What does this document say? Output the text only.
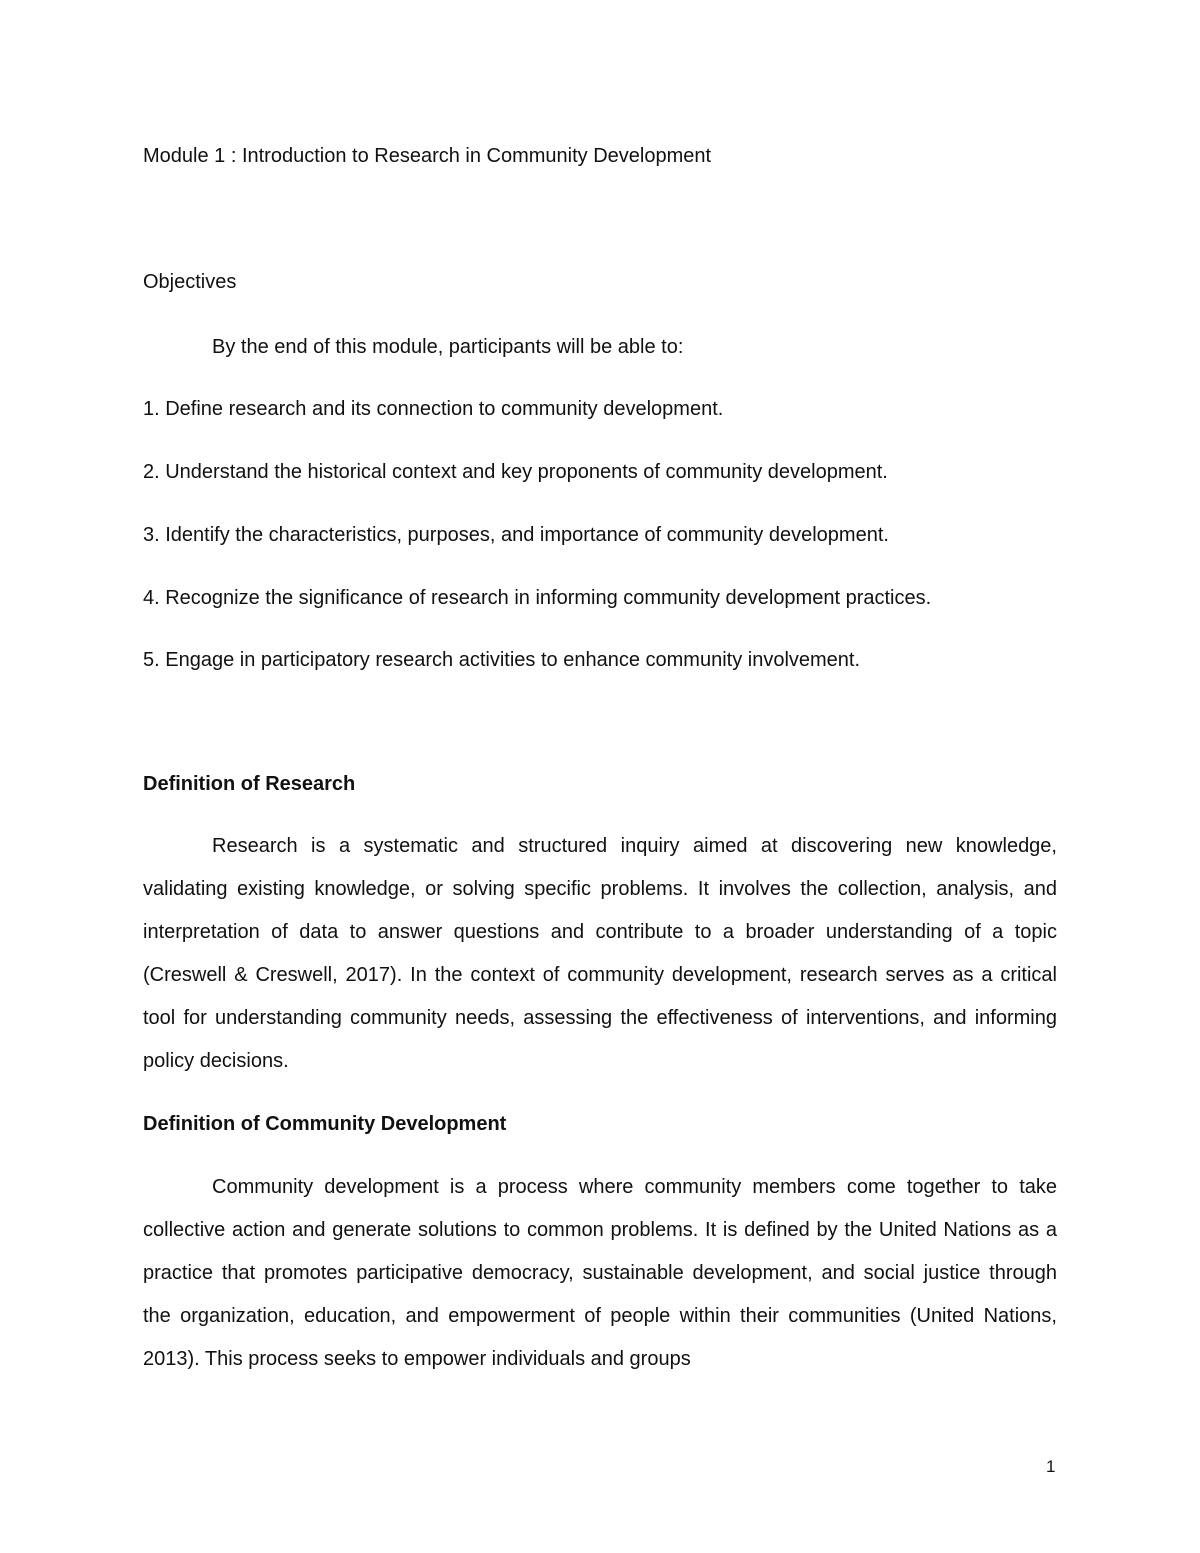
Module 1 : Introduction to Research in Community Development

Objectives

By the end of this module, participants will be able to:

1. Define research and its connection to community development.

2. Understand the historical context and key proponents of community development.

3. Identify the characteristics, purposes, and importance of community development.

4. Recognize the significance of research in informing community development practices.

5. Engage in participatory research activities to enhance community involvement.

Definition of Research

Research is a systematic and structured inquiry aimed at discovering new knowledge, validating existing knowledge, or solving specific problems. It involves the collection, analysis, and interpretation of data to answer questions and contribute to a broader understanding of a topic (Creswell & Creswell, 2017). In the context of community development, research serves as a critical tool for understanding community needs, assessing the effectiveness of interventions, and informing policy decisions.

Definition of Community Development

Community development is a process where community members come together to take collective action and generate solutions to common problems. It is defined by the United Nations as a practice that promotes participative democracy, sustainable development, and social justice through the organization, education, and empowerment of people within their communities (United Nations, 2013). This process seeks to empower individuals and groups

1
